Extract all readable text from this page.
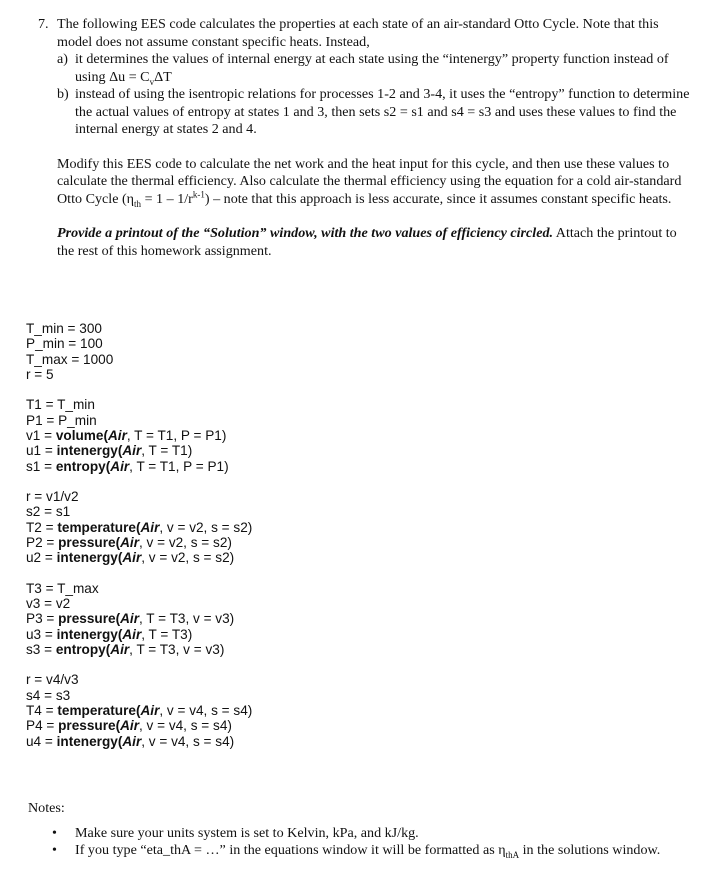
7. The following EES code calculates the properties at each state of an air-standard Otto Cycle. Note that this model does not assume constant specific heats. Instead,
a) it determines the values of internal energy at each state using the “intenergy” property function instead of using $\Delta u = C_v\Delta T$
b) instead of using the isentropic relations for processes 1-2 and 3-4, it uses the “entropy” function to determine the actual values of entropy at states 1 and 3, then sets s2 = s1 and s4 = s3 and uses these values to find the internal energy at states 2 and 4.
Modify this EES code to calculate the net work and the heat input for this cycle, and then use these values to calculate the thermal efficiency. Also calculate the thermal efficiency using the equation for a cold air-standard Otto Cycle $(\eta_{th} = 1 - 1/r^{k-1})$ – note that this approach is less accurate, since it assumes constant specific heats.
Provide a printout of the “Solution” window, with the two values of efficiency circled. Attach the printout to the rest of this homework assignment.
T_min = 300
P_min = 100
T_max = 1000
r = 5
T1 = T_min
P1 = P_min
v1 = volume(Air, T = T1, P = P1)
u1 = intenergy(Air, T = T1)
s1 = entropy(Air, T = T1, P = P1)
r = v1/v2
s2 = s1
T2 = temperature(Air, v = v2, s = s2)
P2 = pressure(Air, v = v2, s = s2)
u2 = intenergy(Air, v = v2, s = s2)
T3 = T_max
v3 = v2
P3 = pressure(Air, T = T3, v = v3)
u3 = intenergy(Air, T = T3)
s3 = entropy(Air, T = T3, v = v3)
r = v4/v3
s4 = s3
T4 = temperature(Air, v = v4, s = s4)
P4 = pressure(Air, v = v4, s = s4)
u4 = intenergy(Air, v = v4, s = s4)
Notes:
•	Make sure your units system is set to Kelvin, kPa, and kJ/kg.
•	If you type “eta_thA = …” in the equations window it will be formatted as $\eta_{thA}$ in the solutions window.
